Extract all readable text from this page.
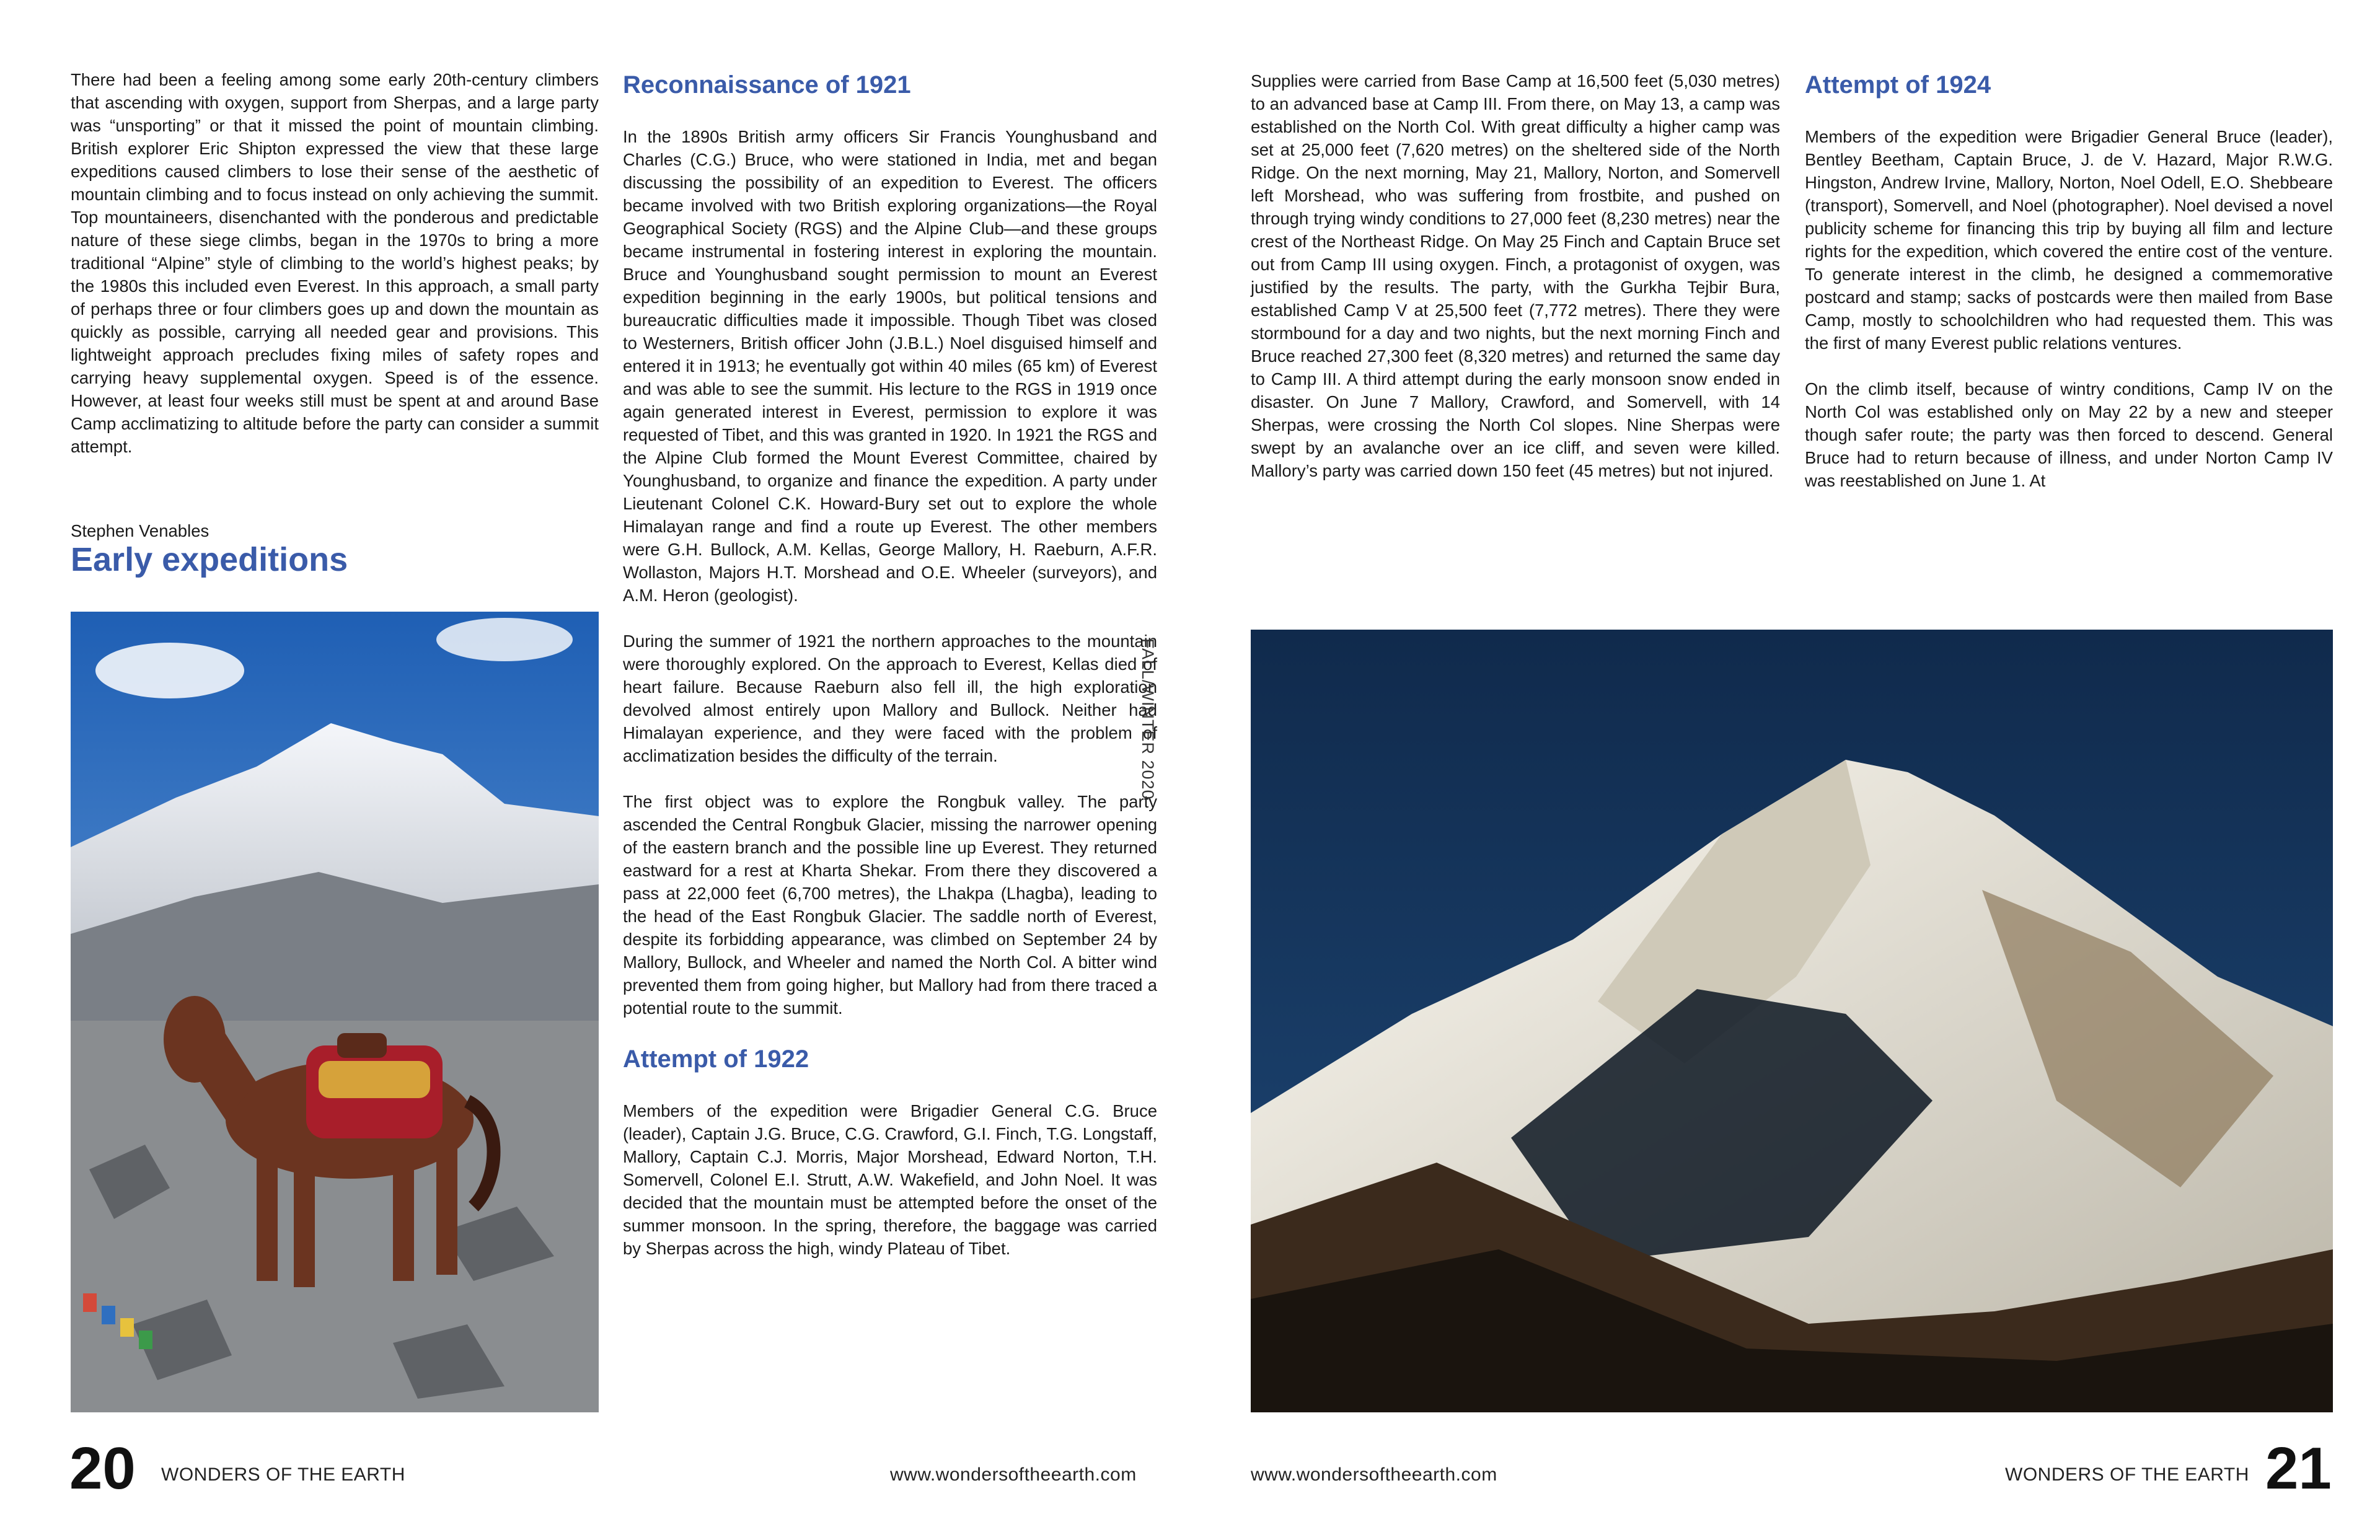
There had been a feeling among some early 20th-century climbers that ascending with oxygen, support from Sherpas, and a large party was “unsporting” or that it missed the point of mountain climbing. British explorer Eric Shipton expressed the view that these large expeditions caused climbers to lose their sense of the aesthetic of mountain climbing and to focus instead on only achieving the summit. Top mountaineers, disenchanted with the ponderous and predictable nature of these siege climbs, began in the 1970s to bring a more traditional “Alpine” style of climbing to the world’s highest peaks; by the 1980s this included even Everest. In this approach, a small party of perhaps three or four climbers goes up and down the mountain as quickly as possible, carrying all needed gear and provisions. This lightweight approach precludes fixing miles of safety ropes and carrying heavy supplemental oxygen. Speed is of the essence. However, at least four weeks still must be spent at and around Base Camp acclimatizing to altitude before the party can consider a summit attempt.

Stephen Venables
Early expeditions
Reconnaissance of 1921

In the 1890s British army officers Sir Francis Younghusband and Charles (C.G.) Bruce, who were stationed in India, met and began discussing the possibility of an expedition to Everest. The officers became involved with two British exploring organizations—the Royal Geographical Society (RGS) and the Alpine Club—and these groups became instrumental in fostering interest in exploring the mountain. Bruce and Younghusband sought permission to mount an Everest expedition beginning in the early 1900s, but political tensions and bureaucratic difficulties made it impossible. Though Tibet was closed to Westerners, British officer John (J.B.L.) Noel disguised himself and entered it in 1913; he eventually got within 40 miles (65 km) of Everest and was able to see the summit. His lecture to the RGS in 1919 once again generated interest in Everest, permission to explore it was requested of Tibet, and this was granted in 1920. In 1921 the RGS and the Alpine Club formed the Mount Everest Committee, chaired by Younghusband, to organize and finance the expedition. A party under Lieutenant Colonel C.K. Howard-Bury set out to explore the whole Himalayan range and find a route up Everest. The other members were G.H. Bullock, A.M. Kellas, George Mallory, H. Raeburn, A.F.R. Wollaston, Majors H.T. Morshead and O.E. Wheeler (surveyors), and A.M. Heron (geologist).

During the summer of 1921 the northern approaches to the mountain were thoroughly explored. On the approach to Everest, Kellas died of heart failure. Because Raeburn also fell ill, the high exploration devolved almost entirely upon Mallory and Bullock. Neither had Himalayan experience, and they were faced with the problem of acclimatization besides the difficulty of the terrain.

The first object was to explore the Rongbuk valley. The party ascended the Central Rongbuk Glacier, missing the narrower opening of the eastern branch and the possible line up Everest. They returned eastward for a rest at Kharta Shekar. From there they discovered a pass at 22,000 feet (6,700 metres), the Lhakpa (Lhagba), leading to the head of the East Rongbuk Glacier. The saddle north of Everest, despite its forbidding appearance, was climbed on September 24 by Mallory, Bullock, and Wheeler and named the North Col. A bitter wind prevented them from going higher, but Mallory had from there traced a potential route to the summit.

Attempt of 1922

Members of the expedition were Brigadier General C.G. Bruce (leader), Captain J.G. Bruce, C.G. Crawford, G.I. Finch, T.G. Longstaff, Mallory, Captain C.J. Morris, Major Morshead, Edward Norton, T.H. Somervell, Colonel E.I. Strutt, A.W. Wakefield, and John Noel. It was decided that the mountain must be attempted before the onset of the summer monsoon. In the spring, therefore, the baggage was carried by Sherpas across the high, windy Plateau of Tibet.

FALL/WINTER 2020
20 WONDERS OF THE EARTH	www.wondersoftheearth.com

Supplies were carried from Base Camp at 16,500 feet (5,030 metres) to an advanced base at Camp III. From there, on May 13, a camp was established on the North Col. With great difficulty a higher camp was set at 25,000 feet (7,620 metres) on the sheltered side of the North Ridge. On the next morning, May 21, Mallory, Norton, and Somervell left Morshead, who was suffering from frostbite, and pushed on through trying windy conditions to 27,000 feet (8,230 metres) near the crest of the Northeast Ridge. On May 25 Finch and Captain Bruce set out from Camp III using oxygen. Finch, a protagonist of oxygen, was justified by the results. The party, with the Gurkha Tejbir Bura, established Camp V at 25,500 feet (7,772 metres). There they were stormbound for a day and two nights, but the next morning Finch and Bruce reached 27,300 feet (8,320 metres) and returned the same day to Camp III. A third attempt during the early monsoon snow ended in disaster. On June 7 Mallory, Crawford, and Somervell, with 14 Sherpas, were crossing the North Col slopes. Nine Sherpas were swept by an avalanche over an ice cliff, and seven were killed. Mallory’s party was carried down 150 feet (45 metres) but not injured.

Attempt of 1924

Members of the expedition were Brigadier General Bruce (leader), Bentley Beetham, Captain Bruce, J. de V. Hazard, Major R.W.G. Hingston, Andrew Irvine, Mallory, Norton, Noel Odell, E.O. Shebbeare (transport), Somervell, and Noel (photographer). Noel devised a novel publicity scheme for financing this trip by buying all film and lecture rights for the expedition, which covered the entire cost of the venture. To generate interest in the climb, he designed a commemorative postcard and stamp; sacks of postcards were then mailed from Base Camp, mostly to schoolchildren who had requested them. This was the first of many Everest public relations ventures.

On the climb itself, because of wintry conditions, Camp IV on the North Col was established only on May 22 by a new and steeper though safer route; the party was then forced to descend. General Bruce had to return because of illness, and under Norton Camp IV was reestablished on June 1. At

www.wondersoftheearth.com	WONDERS OF THE EARTH 21
